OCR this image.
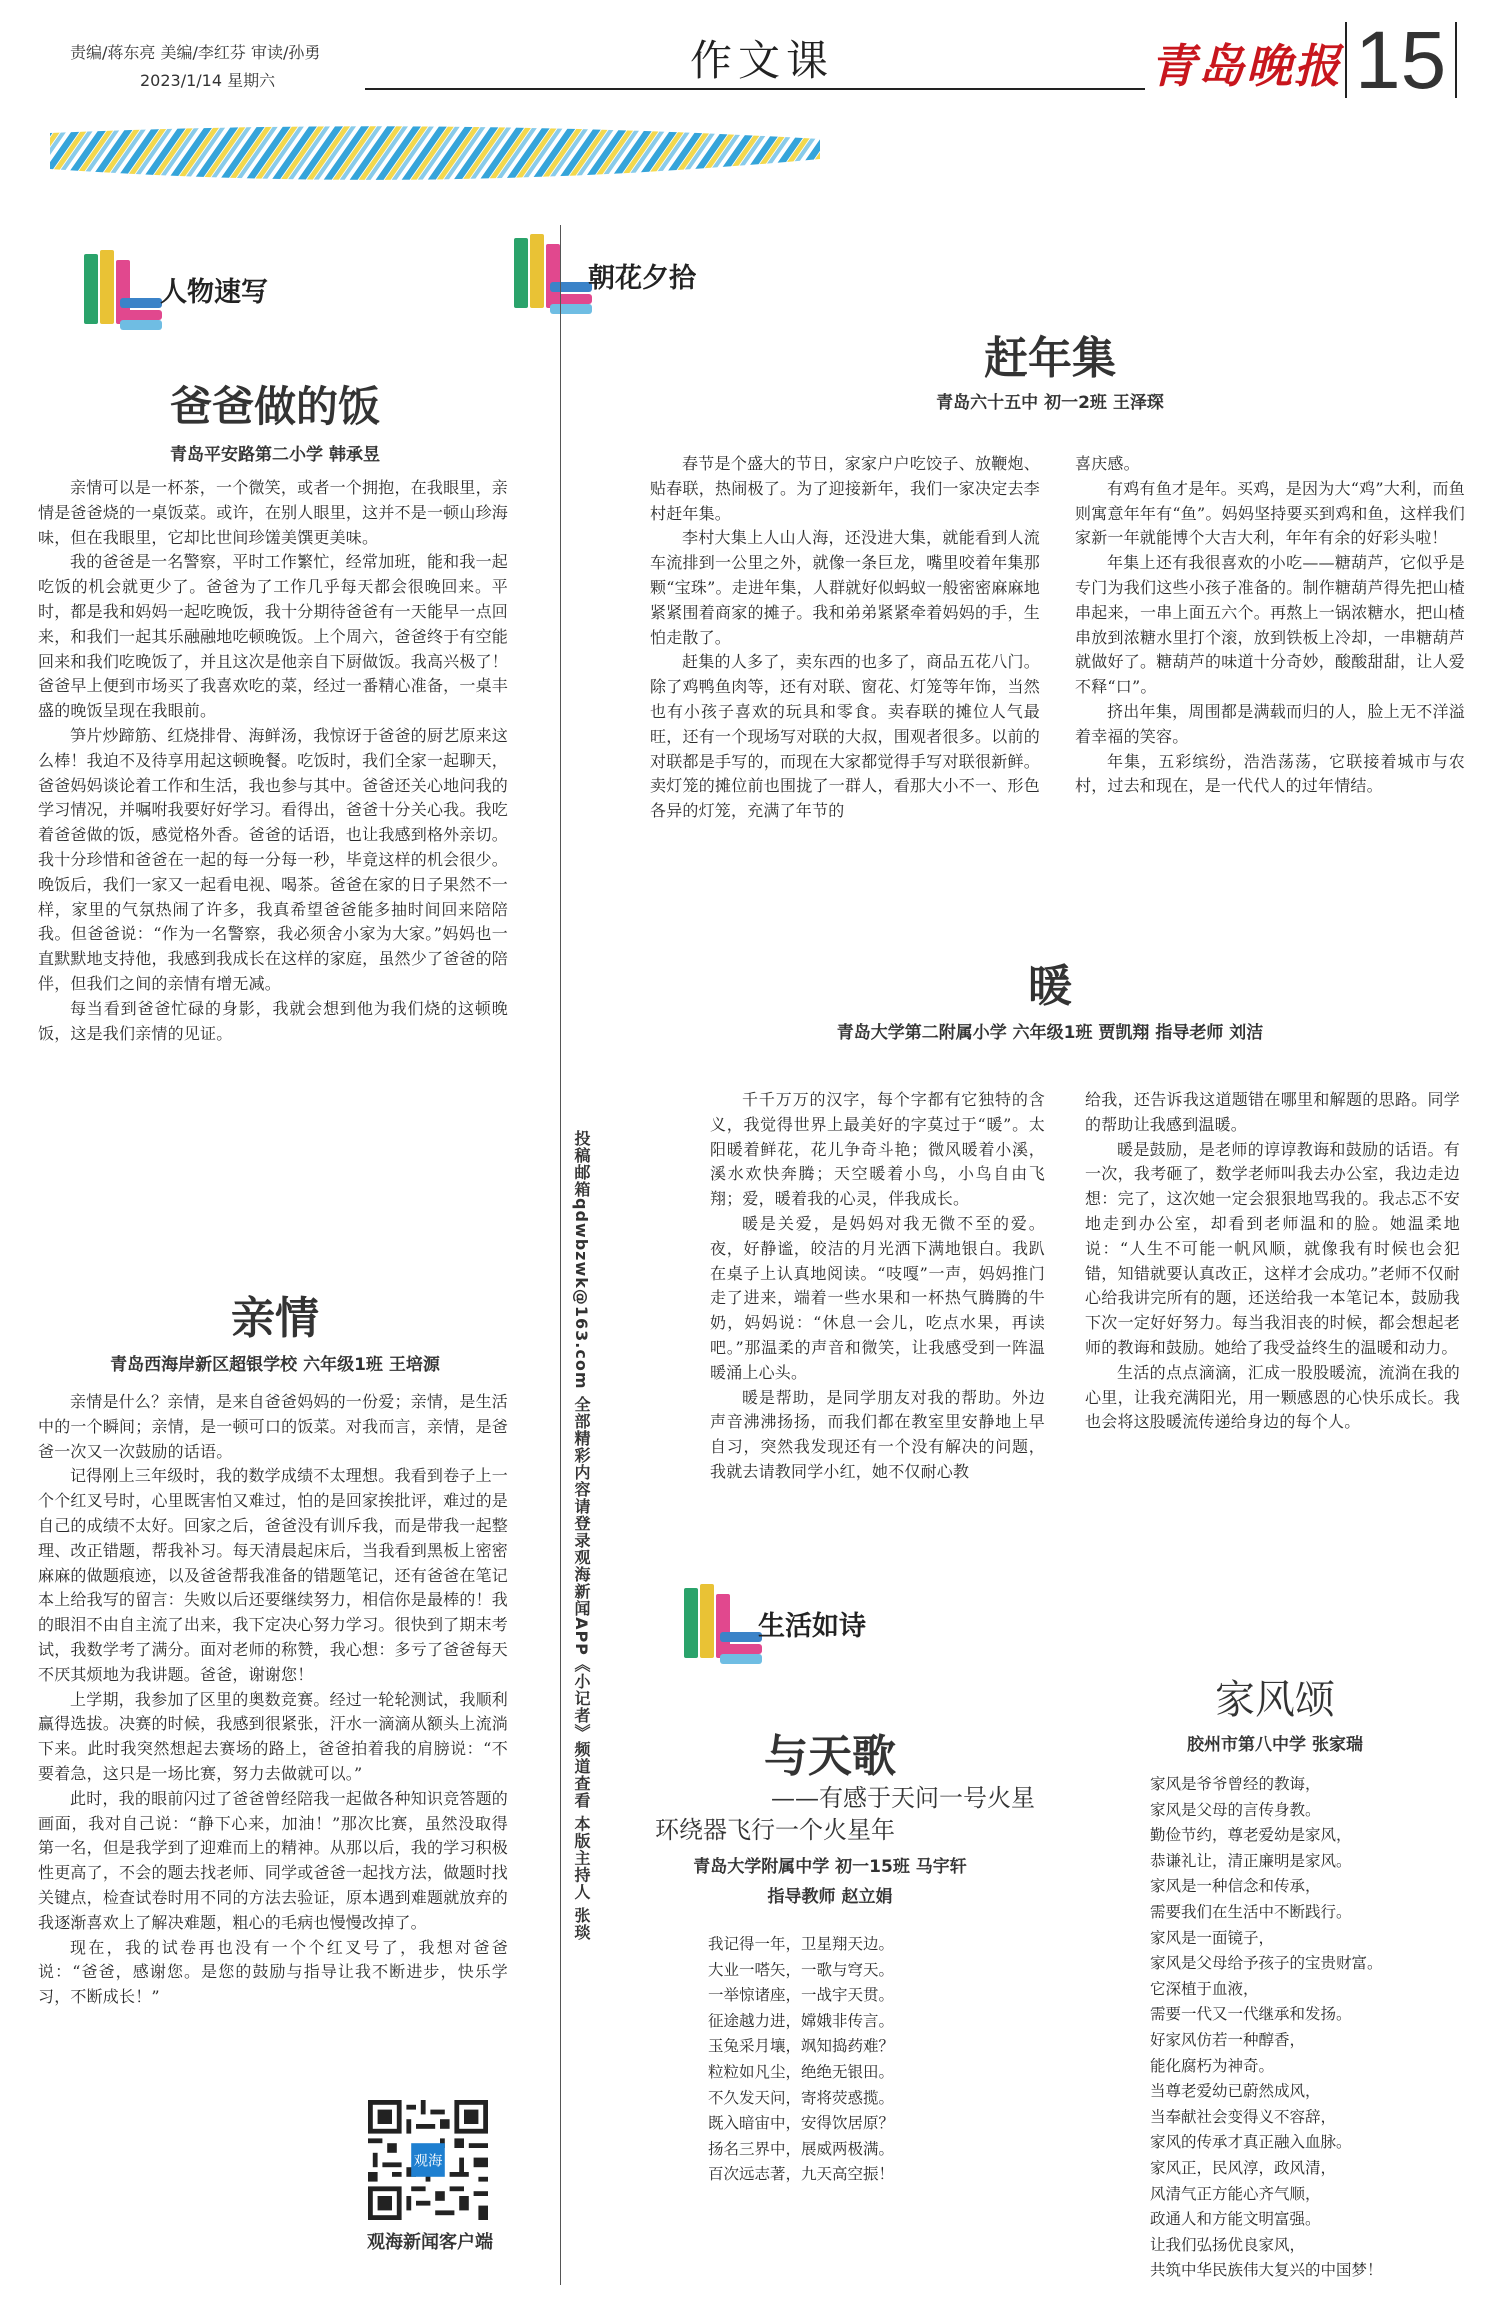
责编/蒋东亮 美编/李红芬 审读/孙勇
2023/1/14 星期六	作文课	青岛晚报 15
人物速写	朝花夕拾
生活如诗
爸爸做的饭
青岛平安路第二小学 韩承昱

亲情可以是一杯茶，一个微笑，或者一个拥抱，在我眼里，亲情是爸爸烧的一桌饭菜。或许，在别人眼里，这并不是一顿山珍海味，但在我眼里，它却比世间珍馐美馔更美味。

我的爸爸是一名警察，平时工作繁忙，经常加班，能和我一起吃饭的机会就更少了。爸爸为了工作几乎每天都会很晚回来。平时，都是我和妈妈一起吃晚饭，我十分期待爸爸有一天能早一点回来，和我们一起其乐融融地吃顿晚饭。上个周六，爸爸终于有空能回来和我们吃晚饭了，并且这次是他亲自下厨做饭。我高兴极了！爸爸早上便到市场买了我喜欢吃的菜，经过一番精心准备，一桌丰盛的晚饭呈现在我眼前。

笋片炒蹄筋、红烧排骨、海鲜汤，我惊讶于爸爸的厨艺原来这么棒！我迫不及待享用起这顿晚餐。吃饭时，我们全家一起聊天，爸爸妈妈谈论着工作和生活，我也参与其中。爸爸还关心地问我的学习情况，并嘱咐我要好好学习。看得出，爸爸十分关心我。我吃着爸爸做的饭，感觉格外香。爸爸的话语，也让我感到格外亲切。我十分珍惜和爸爸在一起的每一分每一秒，毕竟这样的机会很少。晚饭后，我们一家又一起看电视、喝茶。爸爸在家的日子果然不一样，家里的气氛热闹了许多，我真希望爸爸能多抽时间回来陪陪我。但爸爸说：“作为一名警察，我必须舍小家为大家。”妈妈也一直默默地支持他，我感到我成长在这样的家庭，虽然少了爸爸的陪伴，但我们之间的亲情有增无减。

每当看到爸爸忙碌的身影，我就会想到他为我们烧的这顿晚饭，这是我们亲情的见证。

亲情
青岛西海岸新区超银学校 六年级1班 王培源

亲情是什么？亲情，是来自爸爸妈妈的一份爱；亲情，是生活中的一个瞬间；亲情，是一顿可口的饭菜。对我而言，亲情，是爸爸一次又一次鼓励的话语。

记得刚上三年级时，我的数学成绩不太理想。我看到卷子上一个个红叉号时，心里既害怕又难过，怕的是回家挨批评，难过的是自己的成绩不太好。回家之后，爸爸没有训斥我，而是带我一起整理、改正错题，帮我补习。每天清晨起床后，当我看到黑板上密密麻麻的做题痕迹，以及爸爸帮我准备的错题笔记，还有爸爸在笔记本上给我写的留言：失败以后还要继续努力，相信你是最棒的！我的眼泪不由自主流了出来，我下定决心努力学习。很快到了期末考试，我数学考了满分。面对老师的称赞，我心想：多亏了爸爸每天不厌其烦地为我讲题。爸爸，谢谢您！

上学期，我参加了区里的奥数竞赛。经过一轮轮测试，我顺利赢得选拔。决赛的时候，我感到很紧张，汗水一滴滴从额头上流淌下来。此时我突然想起去赛场的路上，爸爸拍着我的肩膀说：“不要着急，这只是一场比赛，努力去做就可以。”

此时，我的眼前闪过了爸爸曾经陪我一起做各种知识竞答题的画面，我对自己说：“静下心来，加油！”那次比赛，虽然没取得第一名，但是我学到了迎难而上的精神。从那以后，我的学习积极性更高了，不会的题去找老师、同学或爸爸一起找方法，做题时找关键点，检查试卷时用不同的方法去验证，原本遇到难题就放弃的我逐渐喜欢上了解决难题，粗心的毛病也慢慢改掉了。

现在，我的试卷再也没有一个个红叉号了，我想对爸爸说：“爸爸，感谢您。是您的鼓励与指导让我不断进步，快乐学习，不断成长！”

投稿邮箱qdwbzwk@163.com 全部精彩内容请登录观海新闻APP《小记者》频道查看 本版主持人 张琰
赶年集
青岛六十五中 初一2班 王泽琛

春节是个盛大的节日，家家户户吃饺子、放鞭炮、贴春联，热闹极了。为了迎接新年，我们一家决定去李村赶年集。

李村大集上人山人海，还没进大集，就能看到人流车流排到一公里之外，就像一条巨龙，嘴里咬着年集那颗“宝珠”。走进年集，人群就好似蚂蚁一般密密麻麻地紧紧围着商家的摊子。我和弟弟紧紧牵着妈妈的手，生怕走散了。

赶集的人多了，卖东西的也多了，商品五花八门。除了鸡鸭鱼肉等，还有对联、窗花、灯笼等年饰，当然也有小孩子喜欢的玩具和零食。卖春联的摊位人气最旺，还有一个现场写对联的大叔，围观者很多。以前的对联都是手写的，而现在大家都觉得手写对联很新鲜。卖灯笼的摊位前也围拢了一群人，看那大小不一、形色各异的灯笼，充满了年节的

喜庆感。

有鸡有鱼才是年。买鸡，是因为大“鸡”大利，而鱼则寓意年年有“鱼”。妈妈坚持要买到鸡和鱼，这样我们家新一年就能博个大吉大利，年年有余的好彩头啦！

年集上还有我很喜欢的小吃——糖葫芦，它似乎是专门为我们这些小孩子准备的。制作糖葫芦得先把山楂串起来，一串上面五六个。再熬上一锅浓糖水，把山楂串放到浓糖水里打个滚，放到铁板上冷却，一串糖葫芦就做好了。糖葫芦的味道十分奇妙，酸酸甜甜，让人爱不释“口”。

挤出年集，周围都是满载而归的人，脸上无不洋溢着幸福的笑容。

年集，五彩缤纷，浩浩荡荡，它联接着城市与农村，过去和现在，是一代代人的过年情结。

暖
青岛大学第二附属小学 六年级1班 贾凯翔 指导老师 刘洁

千千万万的汉字，每个字都有它独特的含义，我觉得世界上最美好的字莫过于“暖”。太阳暖着鲜花，花儿争奇斗艳；微风暖着小溪，溪水欢快奔腾；天空暖着小鸟，小鸟自由飞翔；爱，暖着我的心灵，伴我成长。

暖是关爱，是妈妈对我无微不至的爱。夜，好静谧，皎洁的月光洒下满地银白。我趴在桌子上认真地阅读。“吱嘎”一声，妈妈推门走了进来，端着一些水果和一杯热气腾腾的牛奶，妈妈说：“休息一会儿，吃点水果，再读吧。”那温柔的声音和微笑，让我感受到一阵温暖涌上心头。

暖是帮助，是同学朋友对我的帮助。外边声音沸沸扬扬，而我们都在教室里安静地上早自习，突然我发现还有一个没有解决的问题，我就去请教同学小红，她不仅耐心教

给我，还告诉我这道题错在哪里和解题的思路。同学的帮助让我感到温暖。

暖是鼓励，是老师的谆谆教诲和鼓励的话语。有一次，我考砸了，数学老师叫我去办公室，我边走边想：完了，这次她一定会狠狠地骂我的。我忐忑不安地走到办公室，却看到老师温和的脸。她温柔地说：“人生不可能一帆风顺，就像我有时候也会犯错，知错就要认真改正，这样才会成功。”老师不仅耐心给我讲完所有的题，还送给我一本笔记本，鼓励我下次一定好好努力。每当我泪丧的时候，都会想起老师的教诲和鼓励。她给了我受益终生的温暖和动力。

生活的点点滴滴，汇成一股股暖流，流淌在我的心里，让我充满阳光，用一颗感恩的心快乐成长。我也会将这股暖流传递给身边的每个人。

与天歌
——有感于天问一号火星
环绕器飞行一个火星年
青岛大学附属中学 初一15班 马宇轩
指导教师 赵立娟
我记得一年，卫星翔天边。
大业一嗒矢，一歌与穹天。
一举惊诸座，一战宇天贯。
征途越力进，嫦娥非传言。
玉兔采月壤，飒知捣药难？
粒粒如凡尘，绝绝无银田。
不久发天问，寄将荧惑揽。
既入暗宙中，安得饮居原？
扬名三界中，展威两极满。
百次远志著，九天高空振！
家风颂
胶州市第八中学 张家瑞
家风是爷爷曾经的教诲，
家风是父母的言传身教。
勤俭节约，尊老爱幼是家风，
恭谦礼让，清正廉明是家风。
家风是一种信念和传承，
需要我们在生活中不断践行。
家风是一面镜子，
家风是父母给予孩子的宝贵财富。
它深植于血液，
需要一代又一代继承和发扬。
好家风仿若一种醇香，
能化腐朽为神奇。
当尊老爱幼已蔚然成风，
当奉献社会变得义不容辞，
家风的传承才真正融入血脉。
家风正，民风淳，政风清，
风清气正方能心齐气顺，
政通人和方能文明富强。
让我们弘扬优良家风，
共筑中华民族伟大复兴的中国梦！
观海
观海新闻客户端
